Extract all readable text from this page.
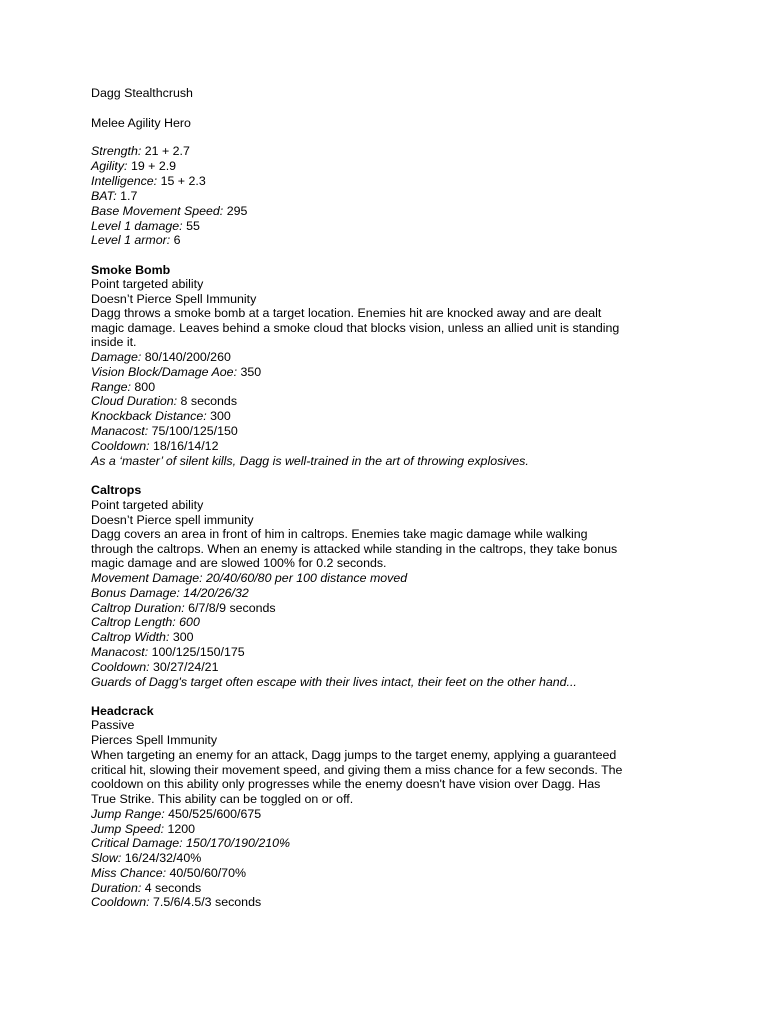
Dagg Stealthcrush
Melee Agility Hero
Strength: 21 + 2.7
Agility: 19 + 2.9
Intelligence: 15 + 2.3
BAT: 1.7
Base Movement Speed: 295
Level 1 damage: 55
Level 1 armor: 6
Smoke Bomb
Point targeted ability
Doesn’t Pierce Spell Immunity
Dagg throws a smoke bomb at a target location. Enemies hit are knocked away and are dealt
magic damage. Leaves behind a smoke cloud that blocks vision, unless an allied unit is standing
inside it.
Damage: 80/140/200/260
Vision Block/Damage Aoe: 350
Range: 800
Cloud Duration: 8 seconds
Knockback Distance: 300
Manacost: 75/100/125/150
Cooldown: 18/16/14/12
As a ‘master’ of silent kills, Dagg is well-trained in the art of throwing explosives.
Caltrops
Point targeted ability
Doesn’t Pierce spell immunity
Dagg covers an area in front of him in caltrops. Enemies take magic damage while walking
through the caltrops. When an enemy is attacked while standing in the caltrops, they take bonus
magic damage and are slowed 100% for 0.2 seconds.
Movement Damage: 20/40/60/80 per 100 distance moved
Bonus Damage: 14/20/26/32
Caltrop Duration: 6/7/8/9 seconds
Caltrop Length: 600
Caltrop Width: 300
Manacost: 100/125/150/175
Cooldown: 30/27/24/21
Guards of Dagg's target often escape with their lives intact, their feet on the other hand...
Headcrack
Passive
Pierces Spell Immunity
When targeting an enemy for an attack, Dagg jumps to the target enemy, applying a guaranteed
critical hit, slowing their movement speed, and giving them a miss chance for a few seconds. The
cooldown on this ability only progresses while the enemy doesn't have vision over Dagg. Has
True Strike. This ability can be toggled on or off.
Jump Range: 450/525/600/675
Jump Speed: 1200
Critical Damage: 150/170/190/210%
Slow: 16/24/32/40%
Miss Chance: 40/50/60/70%
Duration: 4 seconds
Cooldown: 7.5/6/4.5/3 seconds
